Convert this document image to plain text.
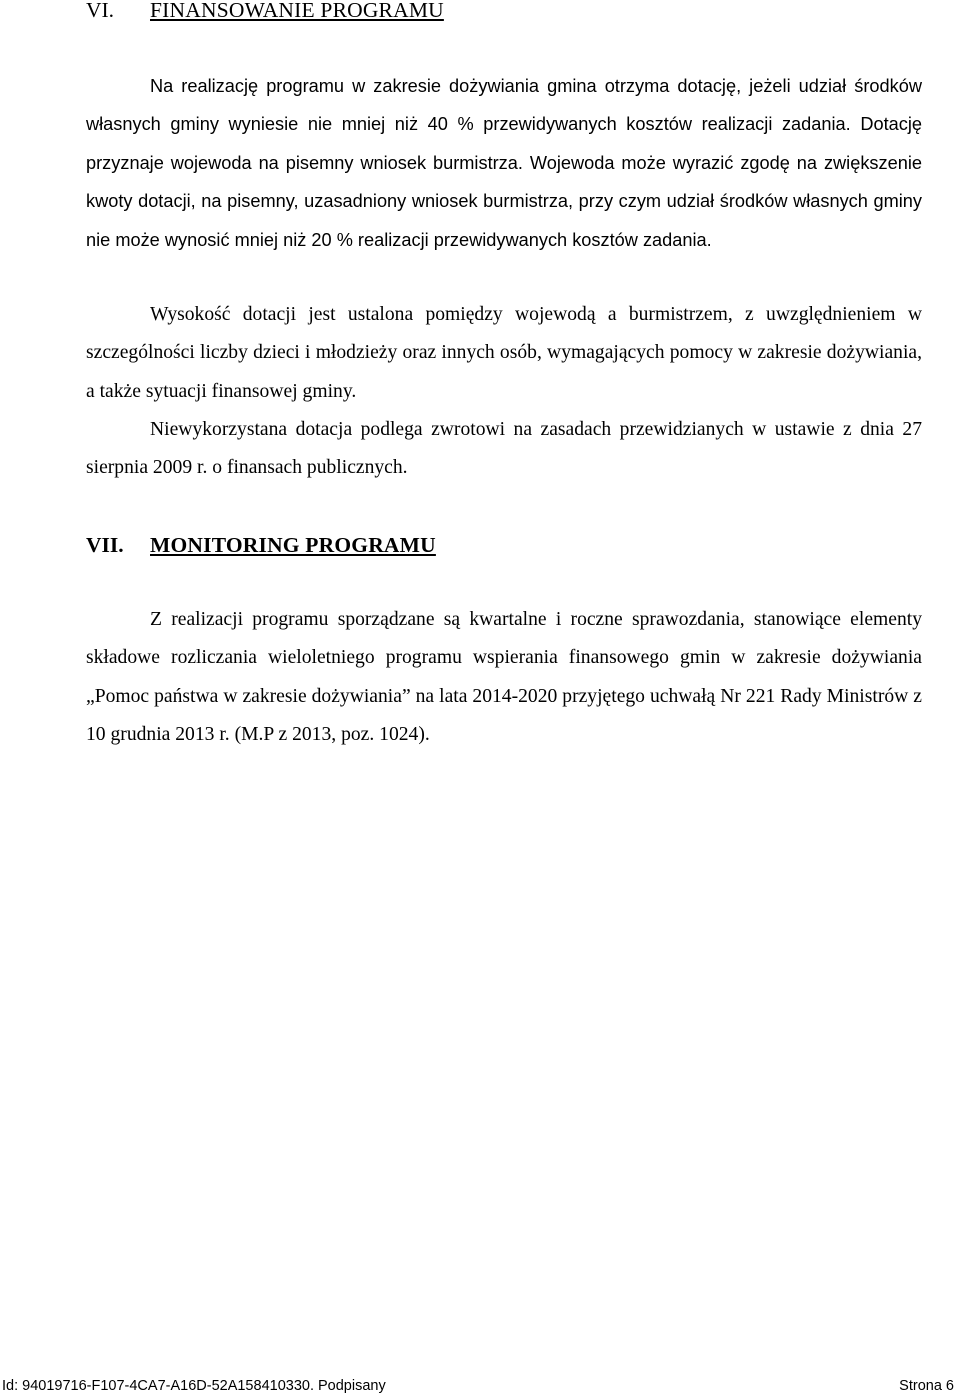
VI.	FINANSOWANIE PROGRAMU

Na realizację programu w zakresie dożywiania gmina otrzyma dotację, jeżeli udział środków własnych gminy wyniesie nie mniej niż 40 % przewidywanych kosztów realizacji zadania. Dotację przyznaje wojewoda na pisemny wniosek burmistrza. Wojewoda może wyrazić zgodę na zwiększenie kwoty dotacji, na pisemny, uzasadniony wniosek burmistrza, przy czym udział środków własnych gminy nie może wynosić mniej niż 20 % realizacji przewidywanych kosztów zadania.

Wysokość dotacji jest ustalona pomiędzy wojewodą a burmistrzem, z uwzględnieniem w szczególności liczby dzieci i młodzieży oraz innych osób, wymagających pomocy w zakresie dożywiania, a także sytuacji finansowej gminy.

Niewykorzystana dotacja podlega zwrotowi na zasadach przewidzianych w ustawie z dnia 27 sierpnia 2009 r. o finansach publicznych.

VII.	MONITORING PROGRAMU

Z realizacji programu sporządzane są kwartalne i roczne sprawozdania, stanowiące elementy składowe rozliczania wieloletniego programu wspierania finansowego gmin w zakresie dożywiania „Pomoc państwa w zakresie dożywiania” na lata 2014-2020 przyjętego uchwałą Nr 221 Rady Ministrów z 10 grudnia 2013 r. (M.P z 2013, poz. 1024).

Id: 94019716-F107-4CA7-A16D-52A158410330. Podpisany	Strona 6
